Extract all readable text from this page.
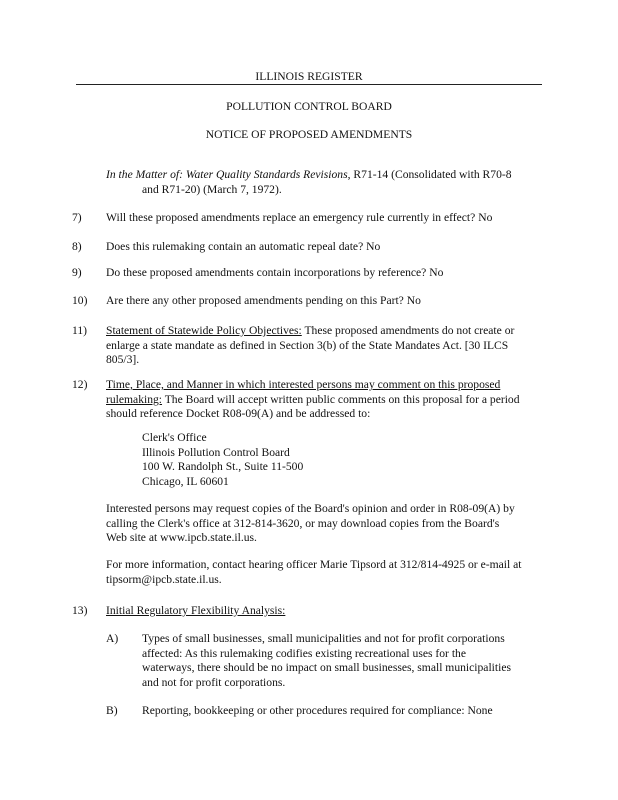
ILLINOIS REGISTER
POLLUTION CONTROL BOARD
NOTICE OF PROPOSED AMENDMENTS
In the Matter of: Water Quality Standards Revisions, R71-14 (Consolidated with R70-8
and R71-20) (March 7, 1972).
7) Will these proposed amendments replace an emergency rule currently in effect? No
8) Does this rulemaking contain an automatic repeal date? No
9) Do these proposed amendments contain incorporations by reference? No
10) Are there any other proposed amendments pending on this Part? No
11) Statement of Statewide Policy Objectives: These proposed amendments do not create or
enlarge a state mandate as defined in Section 3(b) of the State Mandates Act. [30 ILCS
805/3].
12) Time, Place, and Manner in which interested persons may comment on this proposed
rulemaking: The Board will accept written public comments on this proposal for a period
should reference Docket R08-09(A) and be addressed to:
Clerk's Office
Illinois Pollution Control Board
100 W. Randolph St., Suite 11-500
Chicago, IL 60601
Interested persons may request copies of the Board's opinion and order in R08-09(A) by
calling the Clerk's office at 312-814-3620, or may download copies from the Board's
Web site at www.ipcb.state.il.us.
For more information, contact hearing officer Marie Tipsord at 312/814-4925 or e-mail at
tipsorm@ipcb.state.il.us.
13) Initial Regulatory Flexibility Analysis:
A) Types of small businesses, small municipalities and not for profit corporations
affected: As this rulemaking codifies existing recreational uses for the
waterways, there should be no impact on small businesses, small municipalities
and not for profit corporations.
B) Reporting, bookkeeping or other procedures required for compliance: None
